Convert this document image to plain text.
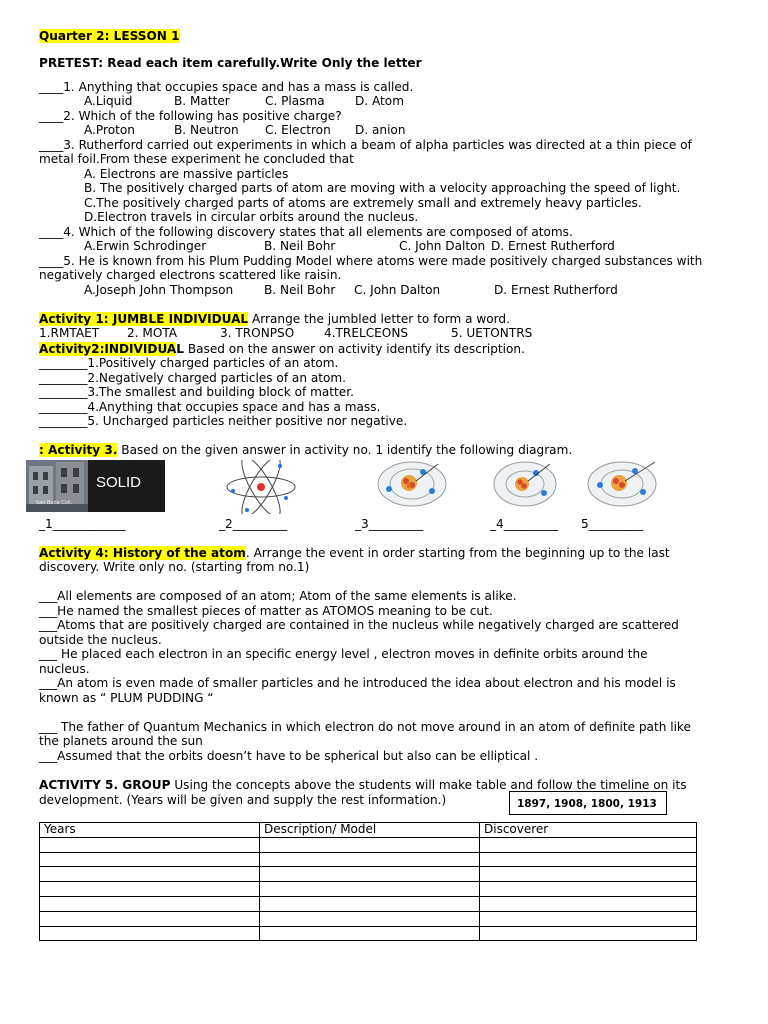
Quarter 2: LESSON 1
PRETEST: Read each item carefully.Write Only the letter
____1. Anything that occupies space and has a mass is called.
A.Liquid	B. Matter	C. Plasma	D. Atom
____2. Which of the following has positive charge?
A.Proton	B. Neutron C. Electron D. anion
____3. Rutherford carried out experiments in which a beam of alpha particles was directed at a thin piece of
metal foil.From these experiment he concluded that
A. Electrons are massive particles
B. The positively charged parts of atom are moving with a velocity approaching the speed of light.
C.The positively charged parts of atoms are extremely small and extremely heavy particles.
D.Electron travels in circular orbits around the nucleus.
____4. Which of the following discovery states that all elements are composed of atoms.
A.Erwin Schrodinger	B. Neil Bohr	C. John Dalton D. Ernest Rutherford
____5. He is known from his Plum Pudding Model where atoms were made positively charged substances with
negatively charged electrons scattered like raisin.
A.Joseph John Thompson	B. Neil Bohr C. John Dalton	D. Ernest Rutherford
Activity 1: JUMBLE INDIVIDUAL Arrange the jumbled letter to form a word.
1.RMTAET 2. MOTA	3. TRONPSO 4.TRELCEONS	5. UETONTRS
Activity2:INDIVIDUAL Based on the answer on activity identify its description.
________1.Positively charged particles of an atom.
________2.Negatively charged particles of an atom.
________3.The smallest and building block of matter.
________4.Anything that occupies space and has a mass.
________5. Uncharged particles neither positive nor negative.
: Activity 3. Based on the given answer in activity no. 1 identify the following diagram.
San Beda Coll.
SOLID
_1____________	_2_________	_3_________	_4_________ 5_________
Activity 4: History of the atom. Arrange the event in order starting from the beginning up to the last
discovery. Write only no. (starting from no.1)
___All elements are composed of an atom; Atom of the same elements is alike.
___He named the smallest pieces of matter as ATOMOS meaning to be cut.
___Atoms that are positively charged are contained in the nucleus while negatively charged are scattered
outside the nucleus.
___ He placed each electron in an specific energy level , electron moves in definite orbits around the
nucleus.
___An atom is even made of smaller particles and he introduced the idea about electron and his model is
known as “ PLUM PUDDING “
___ The father of Quantum Mechanics in which electron do not move around in an atom of definite path like
the planets around the sun
___Assumed that the orbits doesn’t have to be spherical but also can be elliptical .
ACTIVITY 5. GROUP Using the concepts above the students will make table and follow the timeline on its
development. (Years will be given and supply the rest information.)	1897, 1908, 1800, 1913
Years	Description/ Model	Discoverer
